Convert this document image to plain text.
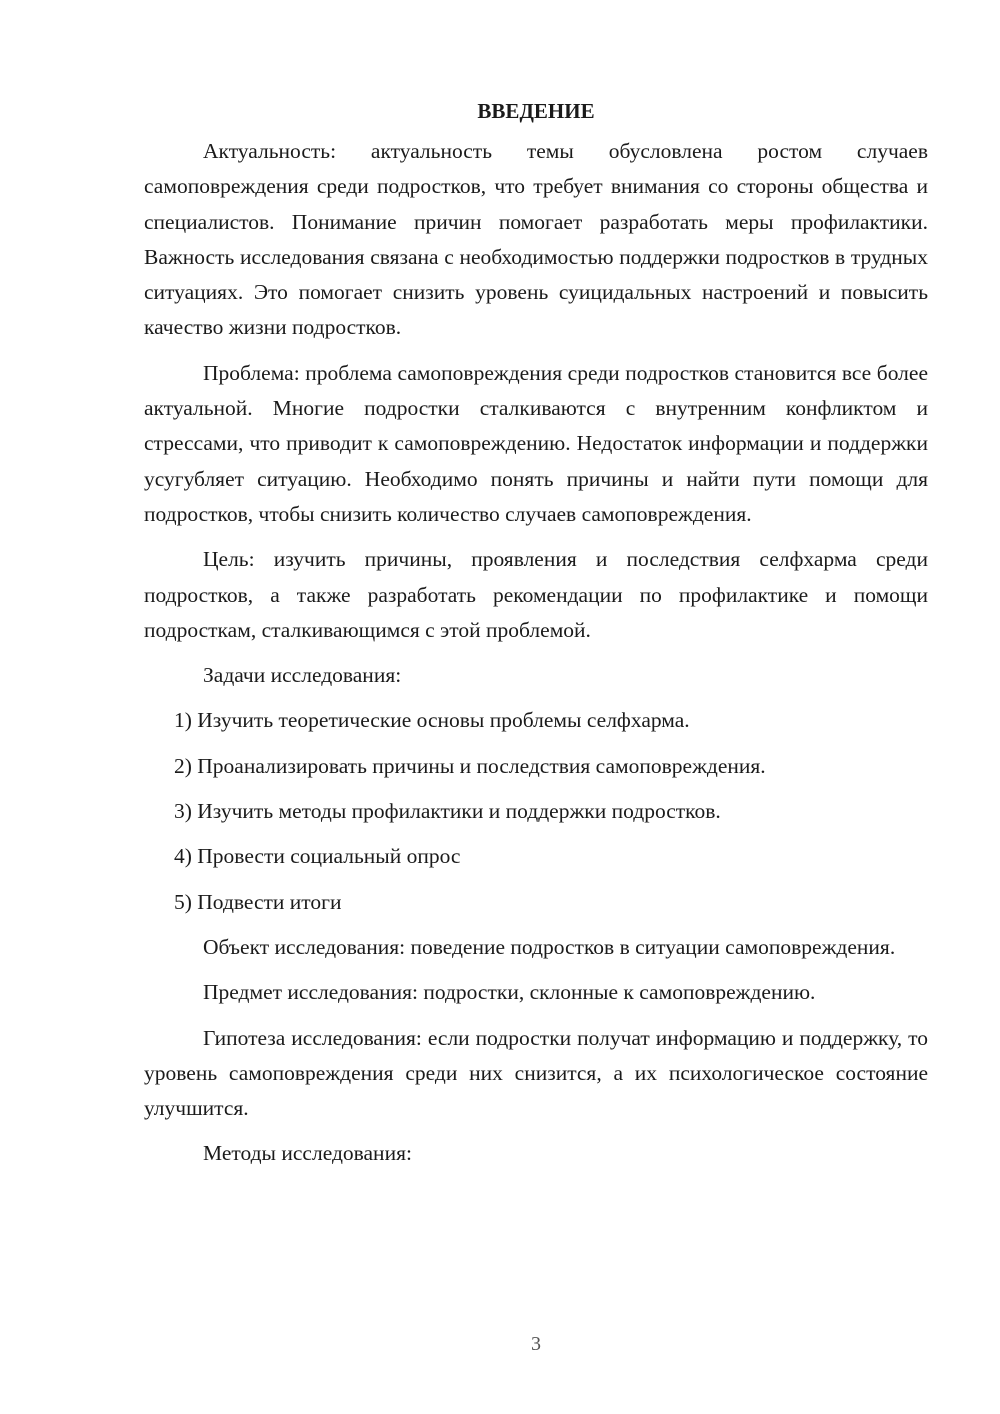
ВВЕДЕНИЕ

Актуальность: актуальность темы обусловлена ростом случаев самоповреждения среди подростков, что требует внимания со стороны общества и специалистов. Понимание причин помогает разработать меры профилактики. Важность исследования связана с необходимостью поддержки подростков в трудных ситуациях. Это помогает снизить уровень суицидальных настроений и повысить качество жизни подростков.

Проблема: проблема самоповреждения среди подростков становится все более актуальной. Многие подростки сталкиваются с внутренним конфликтом и стрессами, что приводит к самоповреждению. Недостаток информации и поддержки усугубляет ситуацию. Необходимо понять причины и найти пути помощи для подростков, чтобы снизить количество случаев самоповреждения.

Цель: изучить причины, проявления и последствия селфхарма среди подростков, а также разработать рекомендации по профилактике и помощи подросткам, сталкивающимся с этой проблемой.

Задачи исследования:

1) Изучить теоретические основы проблемы селфхарма.
2) Проанализировать причины и последствия самоповреждения.
3) Изучить методы профилактики и поддержки подростков.
4) Провести социальный опрос
5) Подвести итоги

Объект исследования: поведение подростков в ситуации самоповреждения.

Предмет исследования: подростки, склонные к самоповреждению.

Гипотеза исследования: если подростки получат информацию и поддержку, то уровень самоповреждения среди них снизится, а их психологическое состояние улучшится.

Методы исследования:

3
